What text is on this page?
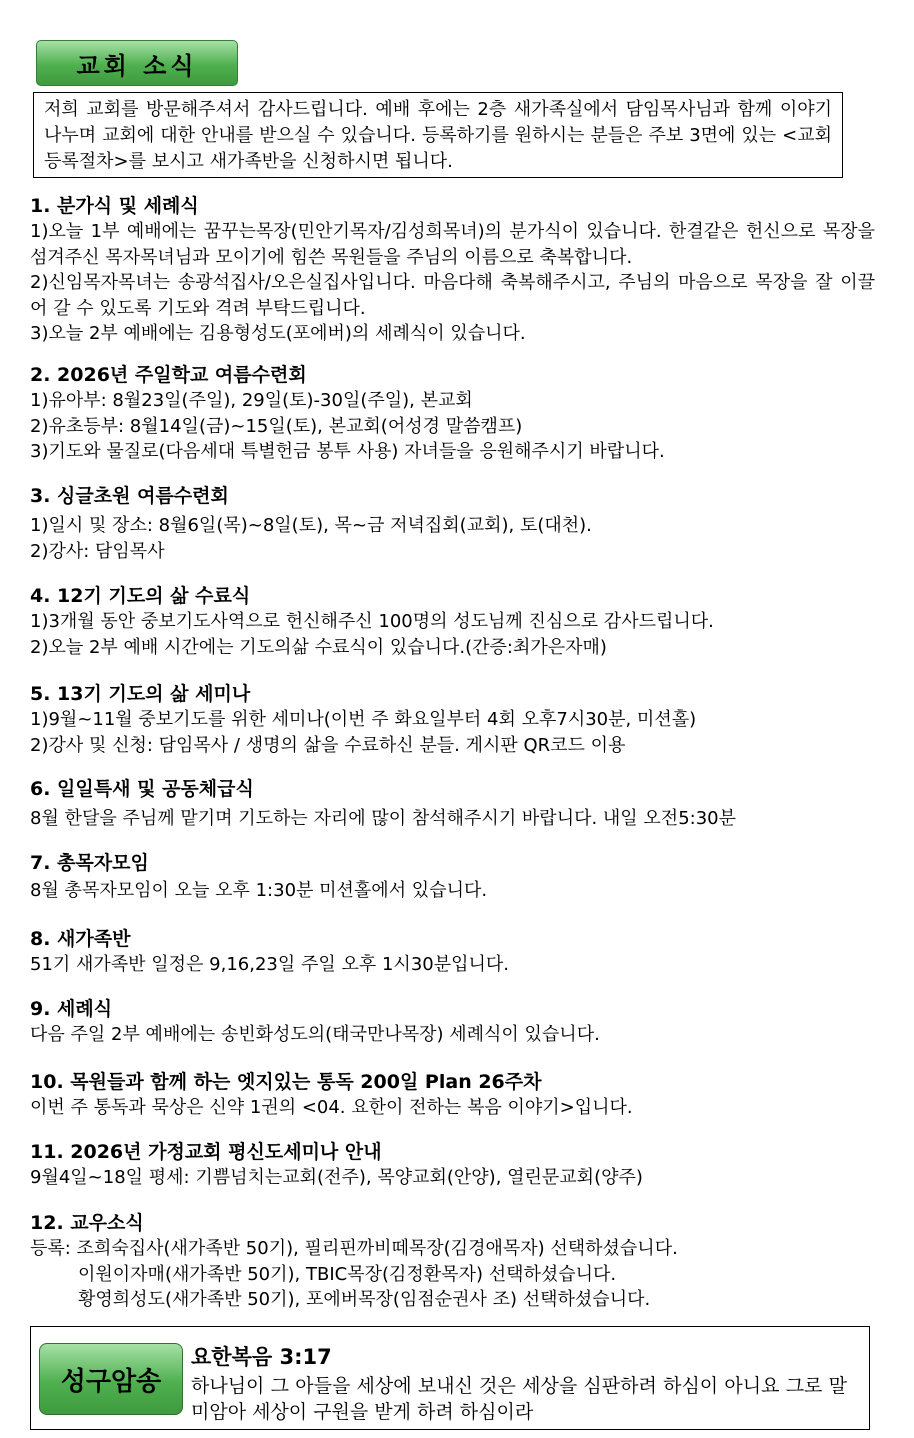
교회 소식
저희 교회를 방문해주셔서 감사드립니다. 예배 후에는 2층 새가족실에서 담임목사님과 함께 이야기 나누며 교회에 대한 안내를 받으실 수 있습니다. 등록하기를 원하시는 분들은 주보 3면에 있는 <교회등록절차>를 보시고 새가족반을 신청하시면 됩니다.
1. 분가식 및 세례식
1)오늘 1부 예배에는 꿈꾸는목장(민안기목자/김성희목녀)의 분가식이 있습니다. 한결같은 헌신으로 목장을 섬겨주신 목자목녀님과 모이기에 힘쓴 목원들을 주님의 이름으로 축복합니다.
2)신임목자목녀는 송광석집사/오은실집사입니다. 마음다해 축복해주시고, 주님의 마음으로 목장을 잘 이끌어 갈 수 있도록 기도와 격려 부탁드립니다.
3)오늘 2부 예배에는 김용형성도(포에버)의 세례식이 있습니다.
2. 2026년 주일학교 여름수련회
1)유아부: 8월23일(주일), 29일(토)-30일(주일), 본교회
2)유초등부: 8월14일(금)~15일(토), 본교회(어성경 말씀캠프)
3)기도와 물질로(다음세대 특별헌금 봉투 사용) 자녀들을 응원해주시기 바랍니다.
3. 싱글초원 여름수련회
1)일시 및 장소: 8월6일(목)~8일(토), 목~금 저녁집회(교회), 토(대천).
2)강사: 담임목사
4. 12기 기도의 삶 수료식
1)3개월 동안 중보기도사역으로 헌신해주신 100명의 성도님께 진심으로 감사드립니다.
2)오늘 2부 예배 시간에는 기도의삶 수료식이 있습니다.(간증:최가은자매)
5. 13기 기도의 삶 세미나
1)9월~11월 중보기도를 위한 세미나(이번 주 화요일부터 4회 오후7시30분, 미션홀)
2)강사 및 신청: 담임목사 / 생명의 삶을 수료하신 분들. 게시판 QR코드 이용
6. 일일특새 및 공동체급식
8월 한달을 주님께 맡기며 기도하는 자리에 많이 참석해주시기 바랍니다. 내일 오전5:30분
7. 총목자모임
8월 총목자모임이 오늘 오후 1:30분 미션홀에서 있습니다.
8. 새가족반
51기 새가족반 일정은 9,16,23일 주일 오후 1시30분입니다.
9. 세례식
다음 주일 2부 예배에는 송빈화성도의(태국만나목장) 세례식이 있습니다.
10. 목원들과 함께 하는 엣지있는 통독 200일 Plan 26주차
이번 주 통독과 묵상은 신약 1권의 <04. 요한이 전하는 복음 이야기>입니다.
11. 2026년 가정교회 평신도세미나 안내
9월4일~18일 평세: 기쁨넘치는교회(전주), 목양교회(안양), 열린문교회(양주)
12. 교우소식
등록: 조희숙집사(새가족반 50기), 필리핀까비떼목장(김경애목자) 선택하셨습니다.
이원이자매(새가족반 50기), TBIC목장(김정환목자) 선택하셨습니다.
황영희성도(새가족반 50기), 포에버목장(임점순권사 조) 선택하셨습니다.
성구암송
요한복음 3:17
하나님이 그 아들을 세상에 보내신 것은 세상을 심판하려 하심이 아니요 그로 말미암아 세상이 구원을 받게 하려 하심이라
